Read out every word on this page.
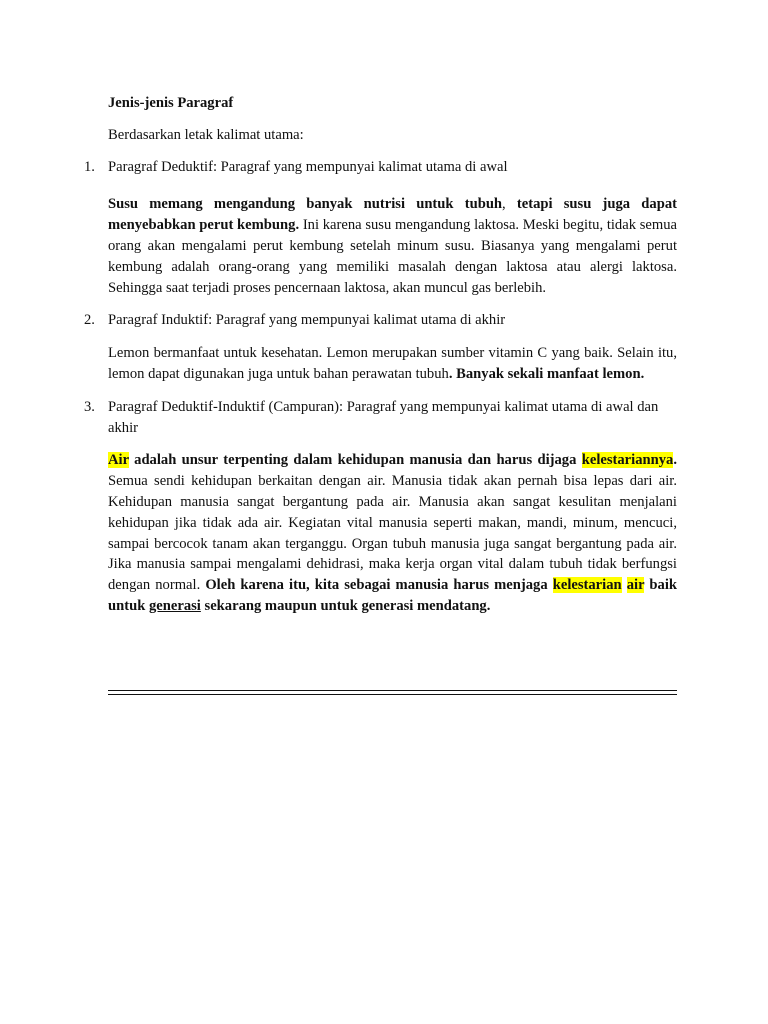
Jenis-jenis Paragraf

Berdasarkan letak kalimat utama:

1. Paragraf Deduktif: Paragraf yang mempunyai kalimat utama di awal

Susu memang mengandung banyak nutrisi untuk tubuh, tetapi susu juga dapat menyebabkan perut kembung. Ini karena susu mengandung laktosa. Meski begitu, tidak semua orang akan mengalami perut kembung setelah minum susu. Biasanya yang mengalami perut kembung adalah orang-orang yang memiliki masalah dengan laktosa atau alergi laktosa. Sehingga saat terjadi proses pencernaan laktosa, akan muncul gas berlebih.

2. Paragraf Induktif: Paragraf yang mempunyai kalimat utama di akhir

Lemon bermanfaat untuk kesehatan. Lemon merupakan sumber vitamin C yang baik. Selain itu, lemon dapat digunakan juga untuk bahan perawatan tubuh. Banyak sekali manfaat lemon.

3. Paragraf Deduktif-Induktif (Campuran): Paragraf yang mempunyai kalimat utama di awal dan akhir

Air adalah unsur terpenting dalam kehidupan manusia dan harus dijaga kelestariannya. Semua sendi kehidupan berkaitan dengan air. Manusia tidak akan pernah bisa lepas dari air. Kehidupan manusia sangat bergantung pada air. Manusia akan sangat kesulitan menjalani kehidupan jika tidak ada air. Kegiatan vital manusia seperti makan, mandi, minum, mencuci, sampai bercocok tanam akan terganggu. Organ tubuh manusia juga sangat bergantung pada air. Jika manusia sampai mengalami dehidrasi, maka kerja organ vital dalam tubuh tidak berfungsi dengan normal. Oleh karena itu, kita sebagai manusia harus menjaga kelestarian air baik untuk generasi sekarang maupun untuk generasi mendatang.
